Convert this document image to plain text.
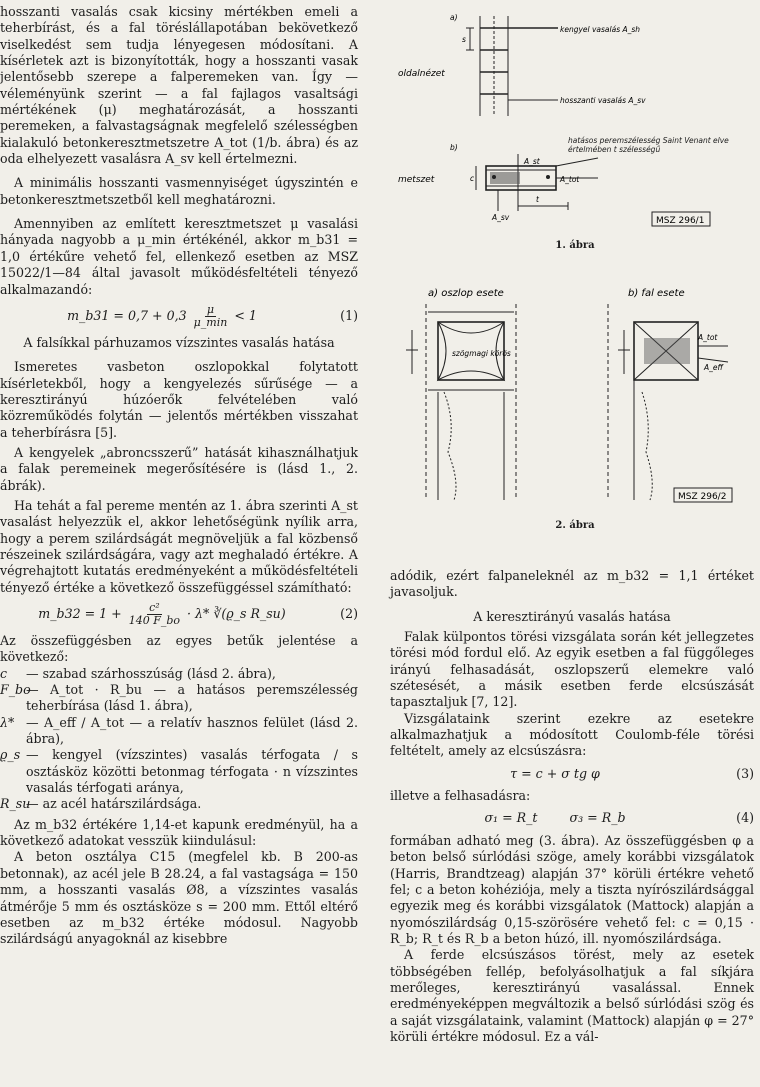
hosszanti vasalás csak kicsiny mértékben emeli a teherbírást, és a fal töréslállapotában bekövetkező viselkedést sem tudja lényegesen módosítani. A kísérletek azt is bizonyították, hogy a hosszanti vasak jelentősebb szerepe a falperemeken van. Így — véleményünk szerint — a fal fajlagos vasaltsági mértékének (μ) meghatározását, a hosszanti peremeken, a falvastagságnak megfelelő szélességben kialakuló betonkeresztmetszetre A_tot (1/b. ábra) és az oda elhelyezett vasalásra A_sv kell értelmezni.

A minimális hosszanti vasmennyiséget úgyszintén e betonkeresztmetszetből kell meghatározni.

Amennyiben az említett keresztmetszet μ vasalási hányada nagyobb a μ_min értékénél, akkor m_b31 = 1,0 értékűre vehető fel, ellenkező esetben az MSZ 15022/1—84 által javasolt működésfeltételi tényező alkalmazandó:

m_b31 = $0,7 + 0,3 \frac{\mu}{\mu\_\min} < 1$	(1)

A falsíkkal párhuzamos vízszintes vasalás hatása

Ismeretes vasbeton oszlopokkal folytatott kísérletekből, hogy a kengyelezés sűrűsége — a keresztirányú húzóerők felvételében való közreműködés folytán — jelentős mértékben visszahat a teherbírásra [5].

A kengyelek „abroncsszerű” hatását kihasználhatjuk a falak peremeinek megerősítésére is (lásd 1., 2. ábrák).

Ha tehát a fal pereme mentén az 1. ábra szerinti A_st vasalást helyezzük el, akkor lehetőségünk nyílik arra, hogy a perem szilárdságát megnöveljük a fal közbenső részeinek szilárdságára, vagy azt meghaladó értékre. A végrehajtott kutatás eredményeként a működésfeltételi tényező értéke a következő összefüggéssel számítható:

m_b32 = $1 + \frac{\text{c²}}{140 F\_bo} \cdot \lambda*$ ∛(ϱ_s R_su)	(2)

Az összefüggésben az egyes betűk jelentése a következő:

c	— szabad szárhosszúság (lásd 2. ábra),
F_bo
— A_tot · R_bu — a hatásos peremszélesség teherbírása (lásd 1. ábra),
λ* — A_eff / A_tot — a relatív hasznos felület (lásd 2. ábra),
ϱ_s — kengyel (vízszintes) vasalás térfogata / s osztásköz közötti betonmag térfogata · n vízszintes vasalás térfogati aránya,
R_su
— az acél határszilárdsága.

Az m_b32 értékére 1,14-et kapunk eredményül, ha a következő adatokat vesszük kiindulásul:

A beton osztálya C15 (megfelel kb. B 200-as betonnak), az acél jele B 28.24, a fal vastagsága = 150 mm, a hosszanti vasalás Ø8, a vízszintes vasalás átmérője 5 mm és osztásköze s = 200 mm. Ettől eltérő esetben az m_b32 értéke módosul. Nagyobb szilárdságú anyagoknál az kisebbre

a)
oldalnézet
kengyel vasalás A_sh
hosszanti vasalás A_sv
s
b)
hatásos peremszélesség Saint Venant elve értelmében t szélességű
A_st
A_tot
metszet	c
t
A_sv	MSZ 296/1
1. ábra
a) oszlop esete	b) fal esete
szögmagi körös
A_tot
A_eff
MSZ 296/2
2. ábra

adódik, ezért falpaneleknél az m_b32 = 1,1 értéket javasoljuk.

A keresztirányú vasalás hatása

Falak külpontos törési vizsgálata során két jellegzetes törési mód fordul elő. Az egyik esetben a fal függőleges irányú felhasadását, oszlopszerű elemekre való szétesését, a másik esetben ferde elcsúszását tapasztaljuk [7, 12].

Vizsgálataink szerint ezekre az esetekre alkalmazhatjuk a módosított Coulomb-féle törési feltételt, amely az elcsúszásra:

τ = c + σ tg φ	(3)

illetve a felhasadásra:

σ₁ = R_t        σ₃ = R_b	(4)

formában adható meg (3. ábra). Az összefüggésben φ a beton belső súrlódási szöge, amely korábbi vizsgálatok (Harris, Brandtzeag) alapján 37° körüli értékre vehető fel; c a beton kohéziója, mely a tiszta nyírószilárdsággal egyezik meg és korábbi vizsgálatok (Mattock) alapján a nyomószilárdság 0,15-szörösére vehető fel: c = 0,15 · R_b; R_t és R_b a beton húzó, ill. nyomószilárdsága.

A ferde elcsúszásos törést, mely az esetek többségében fellép, befolyásolhatjuk a fal síkjára merőleges, keresztirányú vasalással. Ennek eredményeképpen megváltozik a belső súrlódási szög és a saját vizsgálataink, valamint (Mattock) alapján φ = 27° körüli értékre módosul. Ez a vál-
